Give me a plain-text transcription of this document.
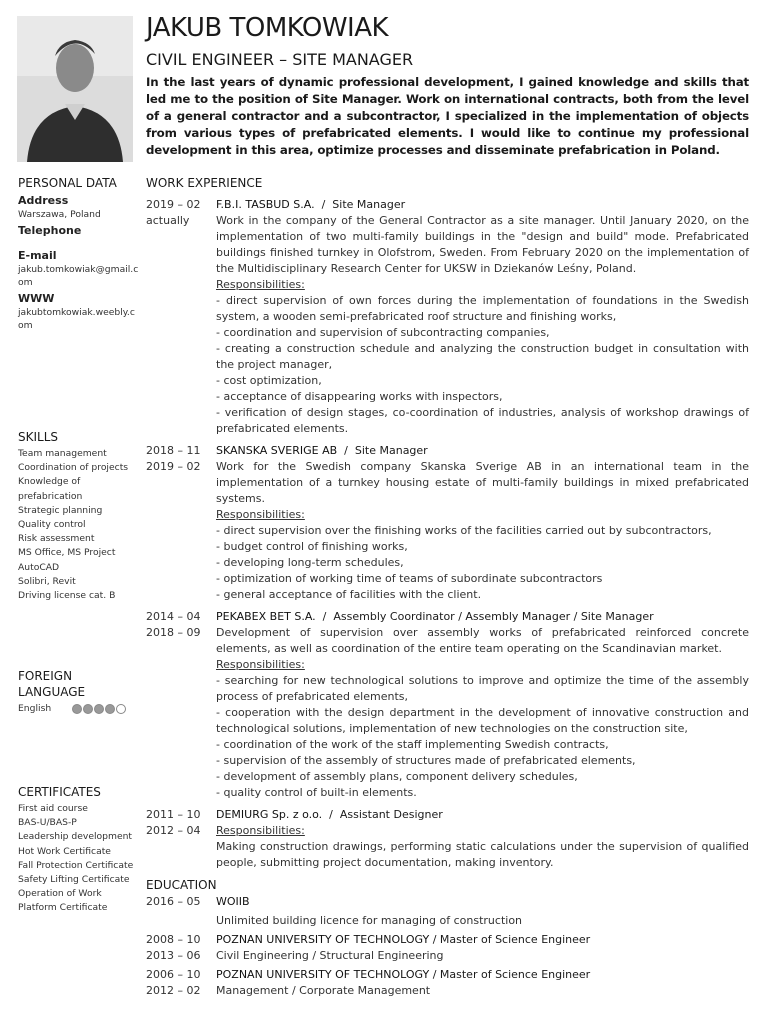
JAKUB TOMKOWIAK

CIVIL ENGINEER – SITE MANAGER

In the last years of dynamic professional development, I gained knowledge and skills that led me to the position of Site Manager. Work on international contracts, both from the level of a general contractor and a subcontractor, I specialized in the implementation of objects from various types of prefabricated elements. I would like to continue my professional development in this area, optimize processes and disseminate prefabrication in Poland.

PERSONAL DATA

Address

Warszawa, Poland

Telephone

E-mail

jakub.tomkowiak@gmail.com

WWW

jakubtomkowiak.weebly.com

SKILLS

Team management
Coordination of projects
Knowledge of prefabrication
Strategic planning
Quality control
Risk assessment
MS Office, MS Project
AutoCAD
Solibri, Revit
Driving license cat. B

FOREIGN LANGUAGE

English

CERTIFICATES

First aid course
BAS-U/BAS-P
Leadership development
Hot Work Certificate
Fall Protection Certificate
Safety Lifting Certificate
Operation of Work Platform Certificate

WORK EXPERIENCE

2019 – 02
actually
F.B.I. TASBUD S.A.  /  Site Manager
Work in the company of the General Contractor as a site manager. Until January 2020, on the implementation of two multi-family buildings in the "design and build" mode. Prefabricated buildings finished turnkey in Olofstrom, Sweden. From February 2020 on the implementation of the Multidisciplinary Research Center for UKSW in Dziekanów Leśny, Poland.
Responsibilities:
- direct supervision of own forces during the implementation of foundations in the Swedish system, a wooden semi-prefabricated roof structure and finishing works,
- coordination and supervision of subcontracting companies,
- creating a construction schedule and analyzing the construction budget in consultation with the project manager,
- cost optimization,
- acceptance of disappearing works with inspectors,
- verification of design stages, co-coordination of industries, analysis of workshop drawings of prefabricated elements.
2018 – 11
2019 – 02
SKANSKA SVERIGE AB  /  Site Manager
Work for the Swedish company Skanska Sverige AB in an international team in the implementation of a turnkey housing estate of multi-family buildings in mixed prefabricated systems.
Responsibilities:
- direct supervision over the finishing works of the facilities carried out by subcontractors,
- budget control of finishing works,
- developing long-term schedules,
- optimization of working time of teams of subordinate subcontractors
- general acceptance of facilities with the client.
2014 – 04
2018 – 09
PEKABEX BET S.A.  /  Assembly Coordinator / Assembly Manager / Site Manager
Development of supervision over assembly works of prefabricated reinforced concrete elements, as well as coordination of the entire team operating on the Scandinavian market.
Responsibilities:
- searching for new technological solutions to improve and optimize the time of the assembly process of prefabricated elements,
- cooperation with the design department in the development of innovative construction and technological solutions, implementation of new technologies on the construction site,
- coordination of the work of the staff implementing Swedish contracts,
- supervision of the assembly of structures made of prefabricated elements,
- development of assembly plans, component delivery schedules,
- quality control of built-in elements.
2011 – 10
2012 – 04
DEMIURG Sp. z o.o.  /  Assistant Designer
Responsibilities:
Making construction drawings, performing static calculations under the supervision of qualified people, submitting project documentation, making inventory.

EDUCATION

2016 – 05	WOIIB
Unlimited building licence for managing of construction
2008 – 10
2013 – 06
POZNAN UNIVERSITY OF TECHNOLOGY / Master of Science Engineer
Civil Engineering / Structural Engineering
2006 – 10
2012 – 02
POZNAN UNIVERSITY OF TECHNOLOGY / Master of Science Engineer
Management / Corporate Management
